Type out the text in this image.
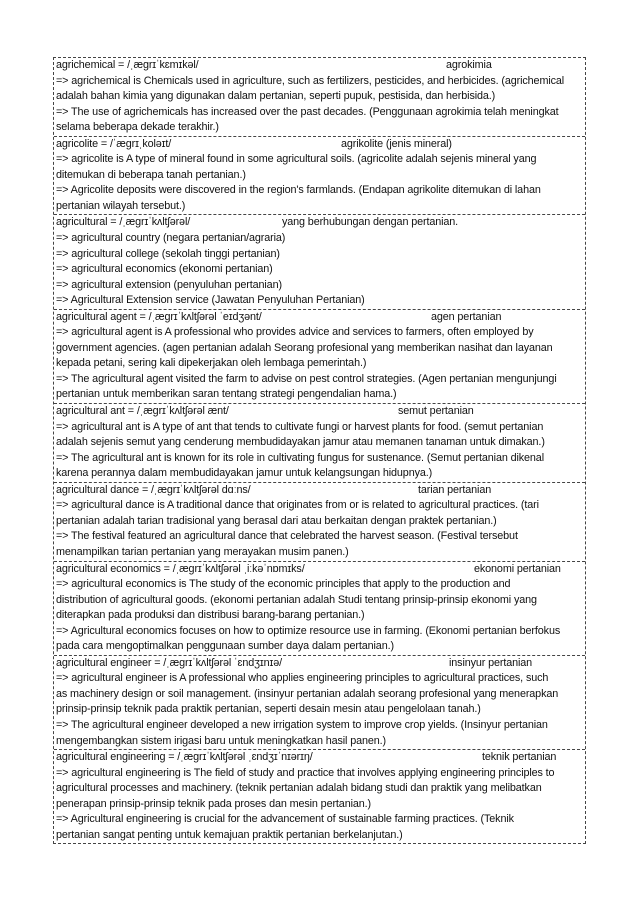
agrichemical = /ˌæɡrɪˈkɛmɪkəl/	agrokimia
=> agrichemical is Chemicals used in agriculture, such as fertilizers, pesticides, and herbicides. (agrichemical
adalah bahan kimia yang digunakan dalam pertanian, seperti pupuk, pestisida, dan herbisida.)
=> The use of agrichemicals has increased over the past decades. (Penggunaan agrokimia telah meningkat
selama beberapa dekade terakhir.)
agricolite = /ˈæɡrɪˌkoləɪt/	agrikolite (jenis mineral)
=> agricolite is A type of mineral found in some agricultural soils. (agricolite adalah sejenis mineral yang
ditemukan di beberapa tanah pertanian.)
=> Agricolite deposits were discovered in the region's farmlands. (Endapan agrikolite ditemukan di lahan
pertanian wilayah tersebut.)
agricultural = /ˌæɡrɪˈkʌltʃərəl/	yang berhubungan dengan pertanian.
=> agricultural country (negara pertanian/agraria)
=> agricultural college (sekolah tinggi pertanian)
=> agricultural economics (ekonomi pertanian)
=> agricultural extension (penyuluhan pertanian)
=> Agricultural Extension service (Jawatan Penyuluhan Pertanian)
agricultural agent = /ˌæɡrɪˈkʌltʃərəl ˈeɪdʒənt/	agen pertanian
=> agricultural agent is A professional who provides advice and services to farmers, often employed by
government agencies. (agen pertanian adalah Seorang profesional yang memberikan nasihat dan layanan
kepada petani, sering kali dipekerjakan oleh lembaga pemerintah.)
=> The agricultural agent visited the farm to advise on pest control strategies. (Agen pertanian mengunjungi
pertanian untuk memberikan saran tentang strategi pengendalian hama.)
agricultural ant = /ˌæɡrɪˈkʌltʃərəl ænt/	semut pertanian
=> agricultural ant is A type of ant that tends to cultivate fungi or harvest plants for food. (semut pertanian
adalah sejenis semut yang cenderung membudidayakan jamur atau memanen tanaman untuk dimakan.)
=> The agricultural ant is known for its role in cultivating fungus for sustenance. (Semut pertanian dikenal
karena perannya dalam membudidayakan jamur untuk kelangsungan hidupnya.)
agricultural dance = /ˌæɡrɪˈkʌltʃərəl dɑːns/	tarian pertanian
=> agricultural dance is A traditional dance that originates from or is related to agricultural practices. (tari
pertanian adalah tarian tradisional yang berasal dari atau berkaitan dengan praktek pertanian.)
=> The festival featured an agricultural dance that celebrated the harvest season. (Festival tersebut
menampilkan tarian pertanian yang merayakan musim panen.)
agricultural economics = /ˌæɡrɪˈkʌltʃərəl ˌiːkəˈnɒmɪks/	ekonomi pertanian
=> agricultural economics is The study of the economic principles that apply to the production and
distribution of agricultural goods. (ekonomi pertanian adalah Studi tentang prinsip-prinsip ekonomi yang
diterapkan pada produksi dan distribusi barang-barang pertanian.)
=> Agricultural economics focuses on how to optimize resource use in farming. (Ekonomi pertanian berfokus
pada cara mengoptimalkan penggunaan sumber daya dalam pertanian.)
agricultural engineer = /ˌæɡrɪˈkʌltʃərəl ˈɛndʒɪnɪə/	insinyur pertanian
=> agricultural engineer is A professional who applies engineering principles to agricultural practices, such
as machinery design or soil management. (insinyur pertanian adalah seorang profesional yang menerapkan
prinsip-prinsip teknik pada praktik pertanian, seperti desain mesin atau pengelolaan tanah.)
=> The agricultural engineer developed a new irrigation system to improve crop yields. (Insinyur pertanian
mengembangkan sistem irigasi baru untuk meningkatkan hasil panen.)
agricultural engineering = /ˌæɡrɪˈkʌltʃərəl ˌɛndʒɪˈnɪərɪŋ/	teknik pertanian
=> agricultural engineering is The field of study and practice that involves applying engineering principles to
agricultural processes and machinery. (teknik pertanian adalah bidang studi dan praktik yang melibatkan
penerapan prinsip-prinsip teknik pada proses dan mesin pertanian.)
=> Agricultural engineering is crucial for the advancement of sustainable farming practices. (Teknik
pertanian sangat penting untuk kemajuan praktik pertanian berkelanjutan.)
